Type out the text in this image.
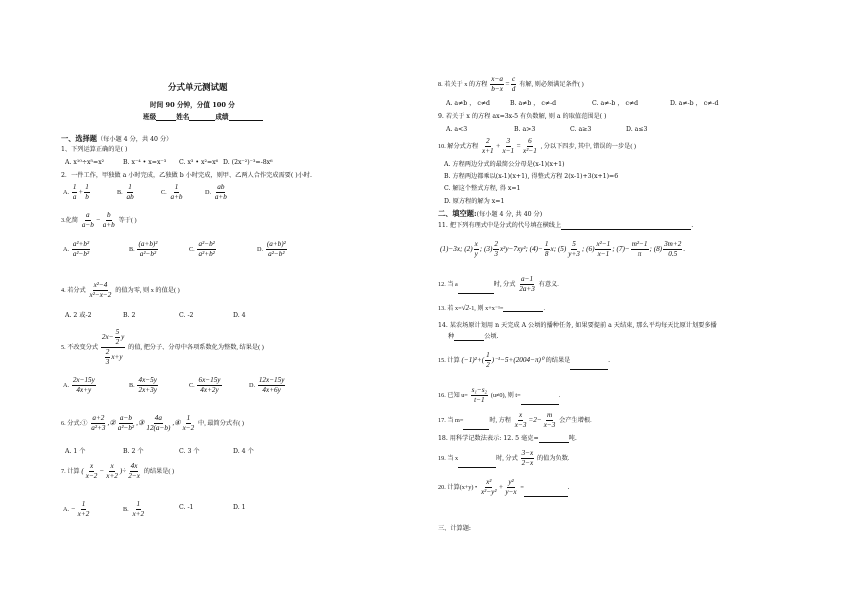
分式单元测试题
时间 90 分钟，分值 100 分
班级	姓名	成绩
一、选择题（每小题 4 分，共 40 分）
1、下列运算正确的是( )
A. x¹⁰÷x⁵=x²	B. x⁻⁴ • x=x⁻³ C. x³ • x²=x⁶ D. (2x⁻²)⁻³=-8x⁶
2．一件工作，甲独做 a 小时完成，乙独做 b 小时完成，则甲、乙两人合作完成需要( )小时.
A. $\frac{1}{a} + \frac{1}{b}$	B. $\frac{1}{ab}$	C. $\frac{1}{a+b}$	D. $\frac{ab}{a+b}$
3.化简 $\frac{a}{a-b} - \frac{b}{a+b}$ 等于( )
A. $\frac{\text{a²+b²}}{\text{a²−b²}}$	B. $\frac{\text{(a+b)²}}{\text{a²−b²}}$	C. $\frac{\text{a²−b²}}{\text{a²+b²}}$	D. $\frac{\text{(a+b)²}}{\text{a²−b²}}$
4. 若分式 $\frac{\text{x²−4}}{\text{x²−x−2}}$ 的值为零, 则 x 的值是( )
A. 2 或-2	B. 2	C. -2	D. 4
5. 不改变分式 $\frac{2x- \frac{5}{2} y}{\frac{2}{3} x+y}$ 的值, 把分子、分母中各项系数化为整数, 结果是( )
A. $\frac{2x-15y}{4x+y}$	B. $\frac{4x-5y}{2x+3y}$	C. $\frac{6x-15y}{4x+2y}$	D. $\frac{12x-15y}{4x+6y}$
6. 分式:① $\frac{a+2}{\text{a²+3}}$ ,② $\frac{a-b}{\text{a²−b²}}$ ,③ $\frac{4a}{12(a-b)}$ ,④ $\frac{1}{x-2}$ 中, 最简分式有( )
A. 1 个	B. 2 个	C. 3 个	D. 4 个
7. 计算 ( $\frac{x}{x-2} - \frac{x}{x+2}$ )÷ $\frac{4x}{2-x}$ 的结果是( )
A. − $\frac{1}{x+2}$	B. $\frac{1}{x+2}$	C. -1	D. 1
8. 若关于 x 的方程 $\frac{x-a}{b-x} = \frac{c}{d}$ 有解, 则必须满足条件( )
A. a≠b ， c≠d	B. a≠b ， c≠-d	C. a≠-b ， c≠d	D. a≠-b ， c≠-d
9. 若关于 x 的方程 ax=3x-5 有负数解, 则 a 的取值范围是( )
A. a<3	B. a>3	C. a≥3	D. a≤3
10. 解分式方程 $\frac{2}{x+1} + \frac{3}{x-1} = \frac{6}{\text{x²−1}}$ , 分以下四步, 其中, 错误的一步是( )
A. 方程两边分式的最简公分母是(x-1)(x+1)
B. 方程两边都乘以(x-1)(x+1), 得整式方程 2(x-1)+3(x+1)=6
C. 解这个整式方程, 得 x=1
D. 原方程的解为 x=1
二、填空题:(每小题 4 分, 共 40 分)
11. 把下列有理式中是分式的代号填在横线上	.
(1)−3x; $(2) \frac{x}{y}$ ; $(3) \frac{2}{3} x^2y-7xy^2$; $(4)- \frac{1}{8} x$; $(5) \frac{5}{y+3}$ ; $(6) \frac{\text{x²−1}}{x-1}$ ; $(7)- \frac{\text{m²−1}}{\pi}$ ; $(8) \frac{3m+2}{0.5}$ .
12. 当 a	时, 分式 $\frac{a-1}{2a+3}$ 有意义.
13. 若 x=√2-1, 则 x+x⁻¹=	.
14. 某农场原计划用 n 天完成 A 公顷的播种任务, 如果要提前 a 天结束, 那么平均每天比原计划要多播
种	公顷.
15. 计算 $(-1)^2+( \frac{1}{2} )^{-1}-5+(2004-\pi)^0$ 的结果是	.
16. 已知 $u= \frac{\text{s₁−s₂}}{t-1} (u\ne 0)$, 则 t=	.
17. 当 m=	时, 方程 $\frac{x}{x-3} =2- \frac{m}{x-3}$ 会产生增根.
18. 用科学记数法表示: 12. 5 毫克=	吨.
19. 当 x	时, 分式 $\frac{3-x}{2-x}$ 的值为负数.
20. 计算(x+y) • $\frac{\text{x²}}{\text{x²−y²}} + \frac{\text{y²}}{y-x}$ =	.
三、计算题:
